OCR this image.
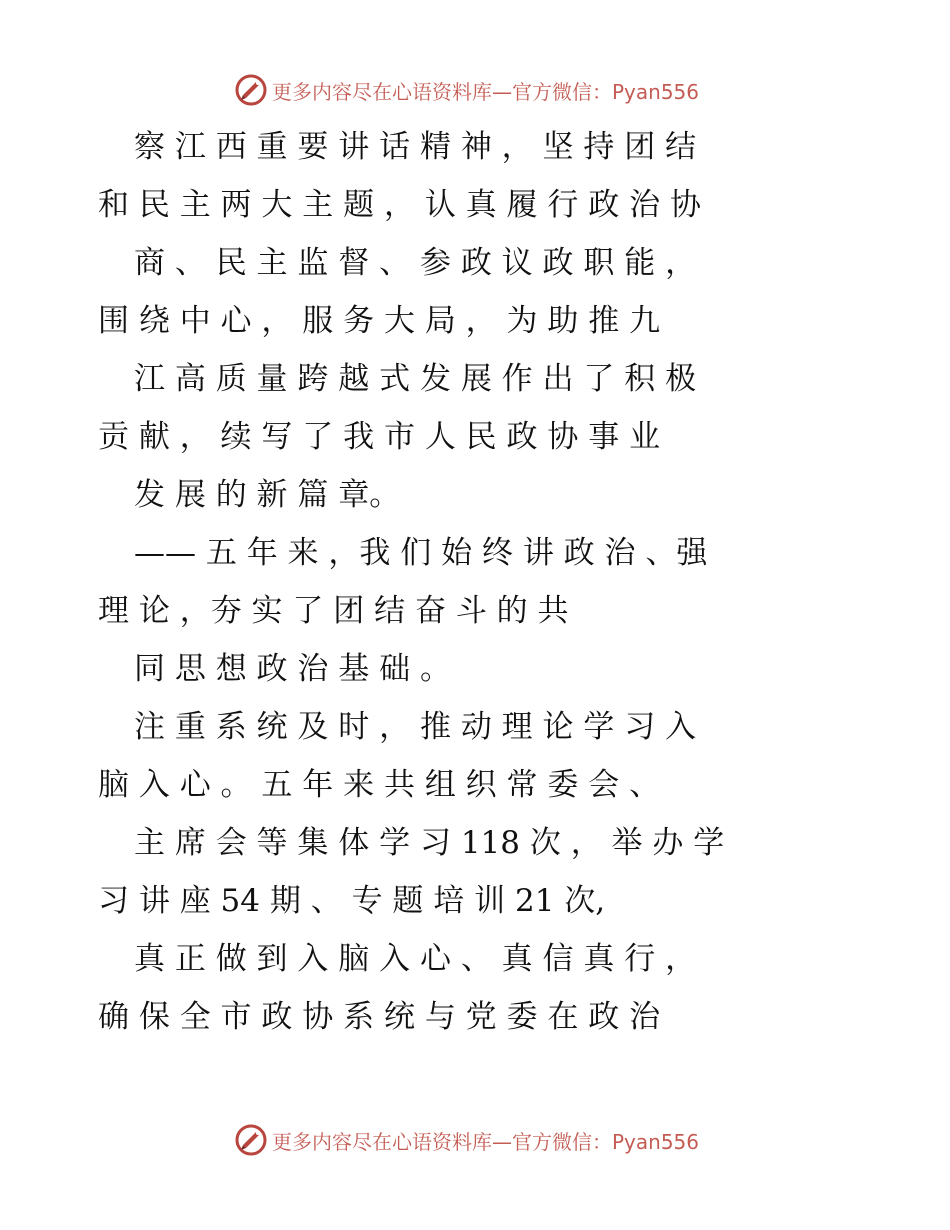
更多内容尽在心语资料库—官方微信：Pyan556
察 江 西 重 要 讲 话 精 神 ， 坚 持 团 结
和 民 主 两 大 主 题 ， 认 真 履 行 政 治 协
商 、 民 主 监 督 、 参 政 议 政 职 能 ，
围 绕 中 心 ， 服 务 大 局 ， 为 助 推 九
江 高 质 量 跨 越 式 发 展 作 出 了 积 极
贡 献 ， 续 写 了 我 市 人 民 政 协 事 业
发 展 的 新 篇 章。
—— 五 年 来 ，我 们 始 终 讲 政 治 、强
理 论 ，夯 实 了 团 结 奋 斗 的 共
同 思 想 政 治 基 础 。
注 重 系 统 及 时 ， 推 动 理 论 学 习 入
脑 入 心 。 五 年 来 共 组 织 常 委 会 、
主 席 会 等 集 体 学 习 118 次 ， 举 办 学
习 讲 座 54 期 、 专 题 培 训 21 次,
真 正 做 到 入 脑 入 心 、 真 信 真 行 ，
确 保 全 市 政 协 系 统 与 党 委 在 政 治
更多内容尽在心语资料库—官方微信：Pyan556
